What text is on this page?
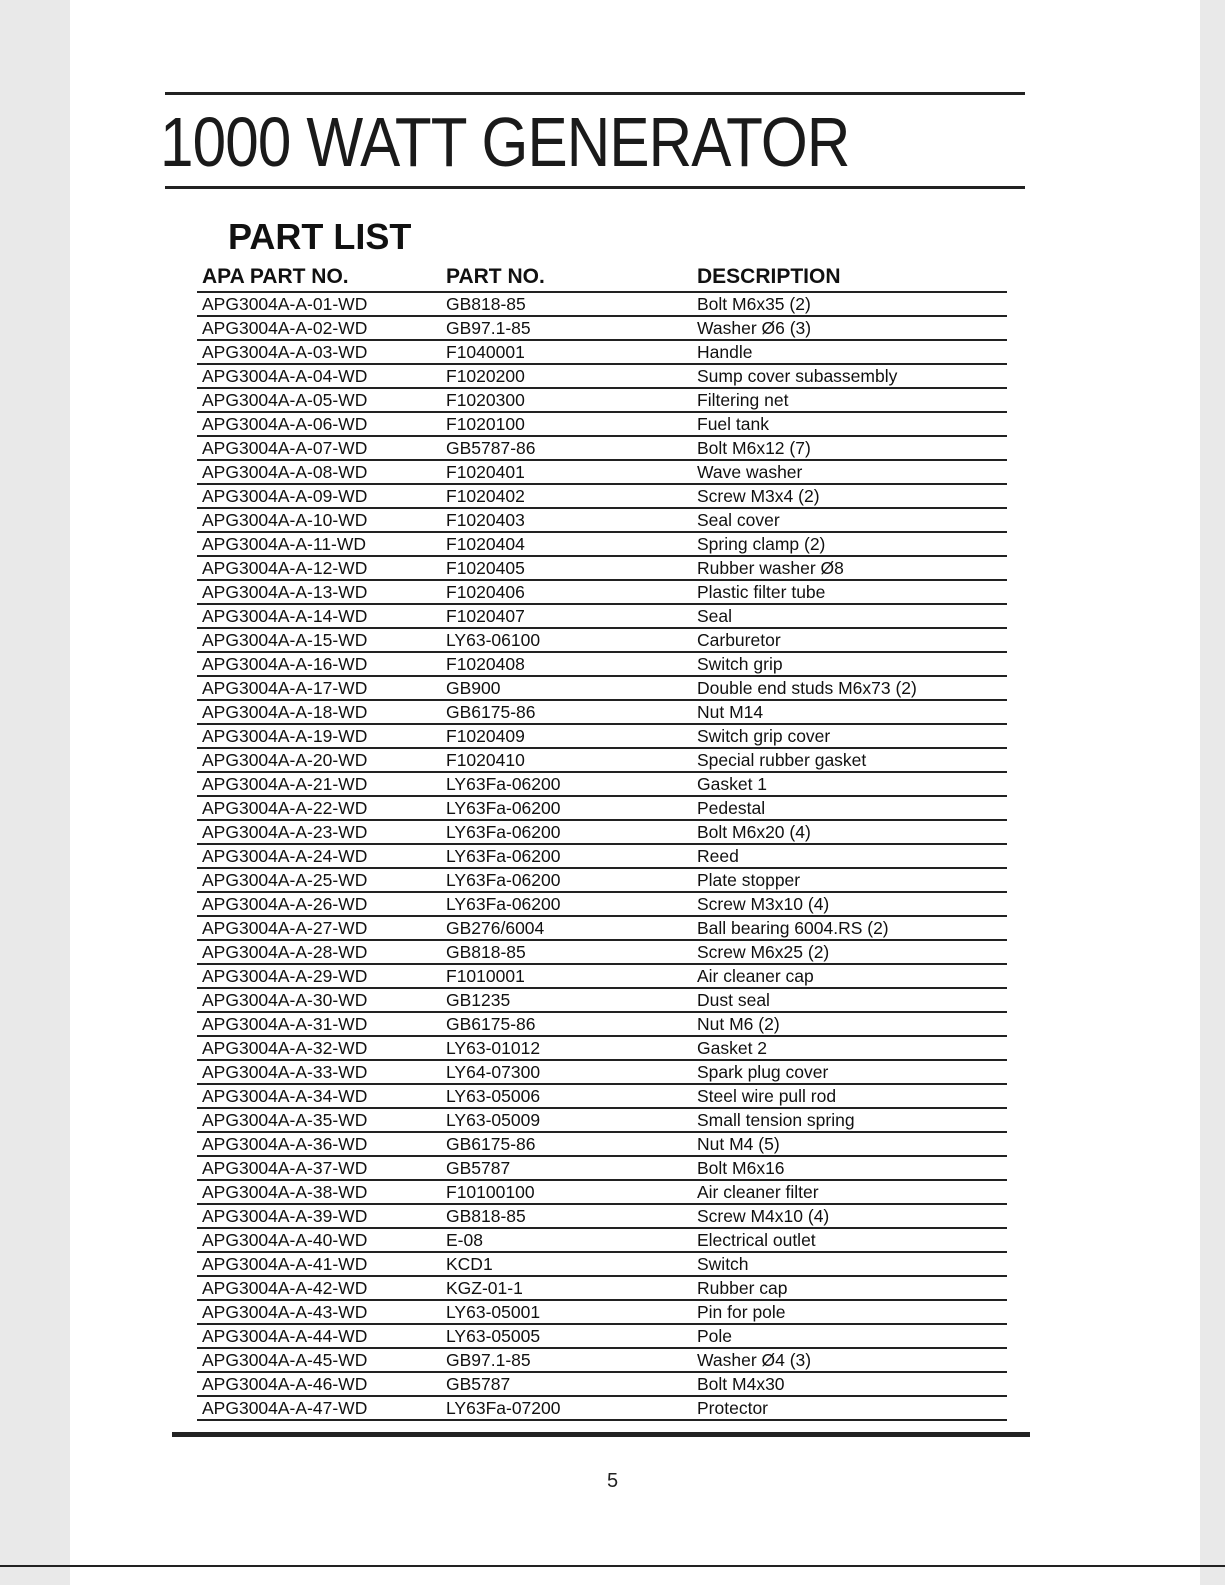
1000 WATT GENERATOR
PART LIST
APA PART NO.	PART NO.	DESCRIPTION
APG3004A-A-01-WD	GB818-85	Bolt M6x35 (2)
APG3004A-A-02-WD	GB97.1-85	Washer Ø6 (3)
APG3004A-A-03-WD	F1040001	Handle
APG3004A-A-04-WD	F1020200	Sump cover subassembly
APG3004A-A-05-WD	F1020300	Filtering net
APG3004A-A-06-WD	F1020100	Fuel tank
APG3004A-A-07-WD	GB5787-86	Bolt M6x12 (7)
APG3004A-A-08-WD	F1020401	Wave washer
APG3004A-A-09-WD	F1020402	Screw M3x4 (2)
APG3004A-A-10-WD	F1020403	Seal cover
APG3004A-A-11-WD	F1020404	Spring clamp (2)
APG3004A-A-12-WD	F1020405	Rubber washer Ø8
APG3004A-A-13-WD	F1020406	Plastic filter tube
APG3004A-A-14-WD	F1020407	Seal
APG3004A-A-15-WD	LY63-06100	Carburetor
APG3004A-A-16-WD	F1020408	Switch grip
APG3004A-A-17-WD	GB900	Double end studs M6x73 (2)
APG3004A-A-18-WD	GB6175-86	Nut M14
APG3004A-A-19-WD	F1020409	Switch grip cover
APG3004A-A-20-WD	F1020410	Special rubber gasket
APG3004A-A-21-WD	LY63Fa-06200	Gasket 1
APG3004A-A-22-WD	LY63Fa-06200	Pedestal
APG3004A-A-23-WD	LY63Fa-06200	Bolt M6x20 (4)
APG3004A-A-24-WD	LY63Fa-06200	Reed
APG3004A-A-25-WD	LY63Fa-06200	Plate stopper
APG3004A-A-26-WD	LY63Fa-06200	Screw M3x10 (4)
APG3004A-A-27-WD	GB276/6004	Ball bearing 6004.RS (2)
APG3004A-A-28-WD	GB818-85	Screw M6x25 (2)
APG3004A-A-29-WD	F1010001	Air cleaner cap
APG3004A-A-30-WD	GB1235	Dust seal
APG3004A-A-31-WD	GB6175-86	Nut M6 (2)
APG3004A-A-32-WD	LY63-01012	Gasket 2
APG3004A-A-33-WD	LY64-07300	Spark plug cover
APG3004A-A-34-WD	LY63-05006	Steel wire pull rod
APG3004A-A-35-WD	LY63-05009	Small tension spring
APG3004A-A-36-WD	GB6175-86	Nut M4 (5)
APG3004A-A-37-WD	GB5787	Bolt M6x16
APG3004A-A-38-WD	F10100100	Air cleaner filter
APG3004A-A-39-WD	GB818-85	Screw M4x10 (4)
APG3004A-A-40-WD	E-08	Electrical outlet
APG3004A-A-41-WD	KCD1	Switch
APG3004A-A-42-WD	KGZ-01-1	Rubber cap
APG3004A-A-43-WD	LY63-05001	Pin for pole
APG3004A-A-44-WD	LY63-05005	Pole
APG3004A-A-45-WD	GB97.1-85	Washer Ø4 (3)
APG3004A-A-46-WD	GB5787	Bolt M4x30
APG3004A-A-47-WD	LY63Fa-07200	Protector
5
